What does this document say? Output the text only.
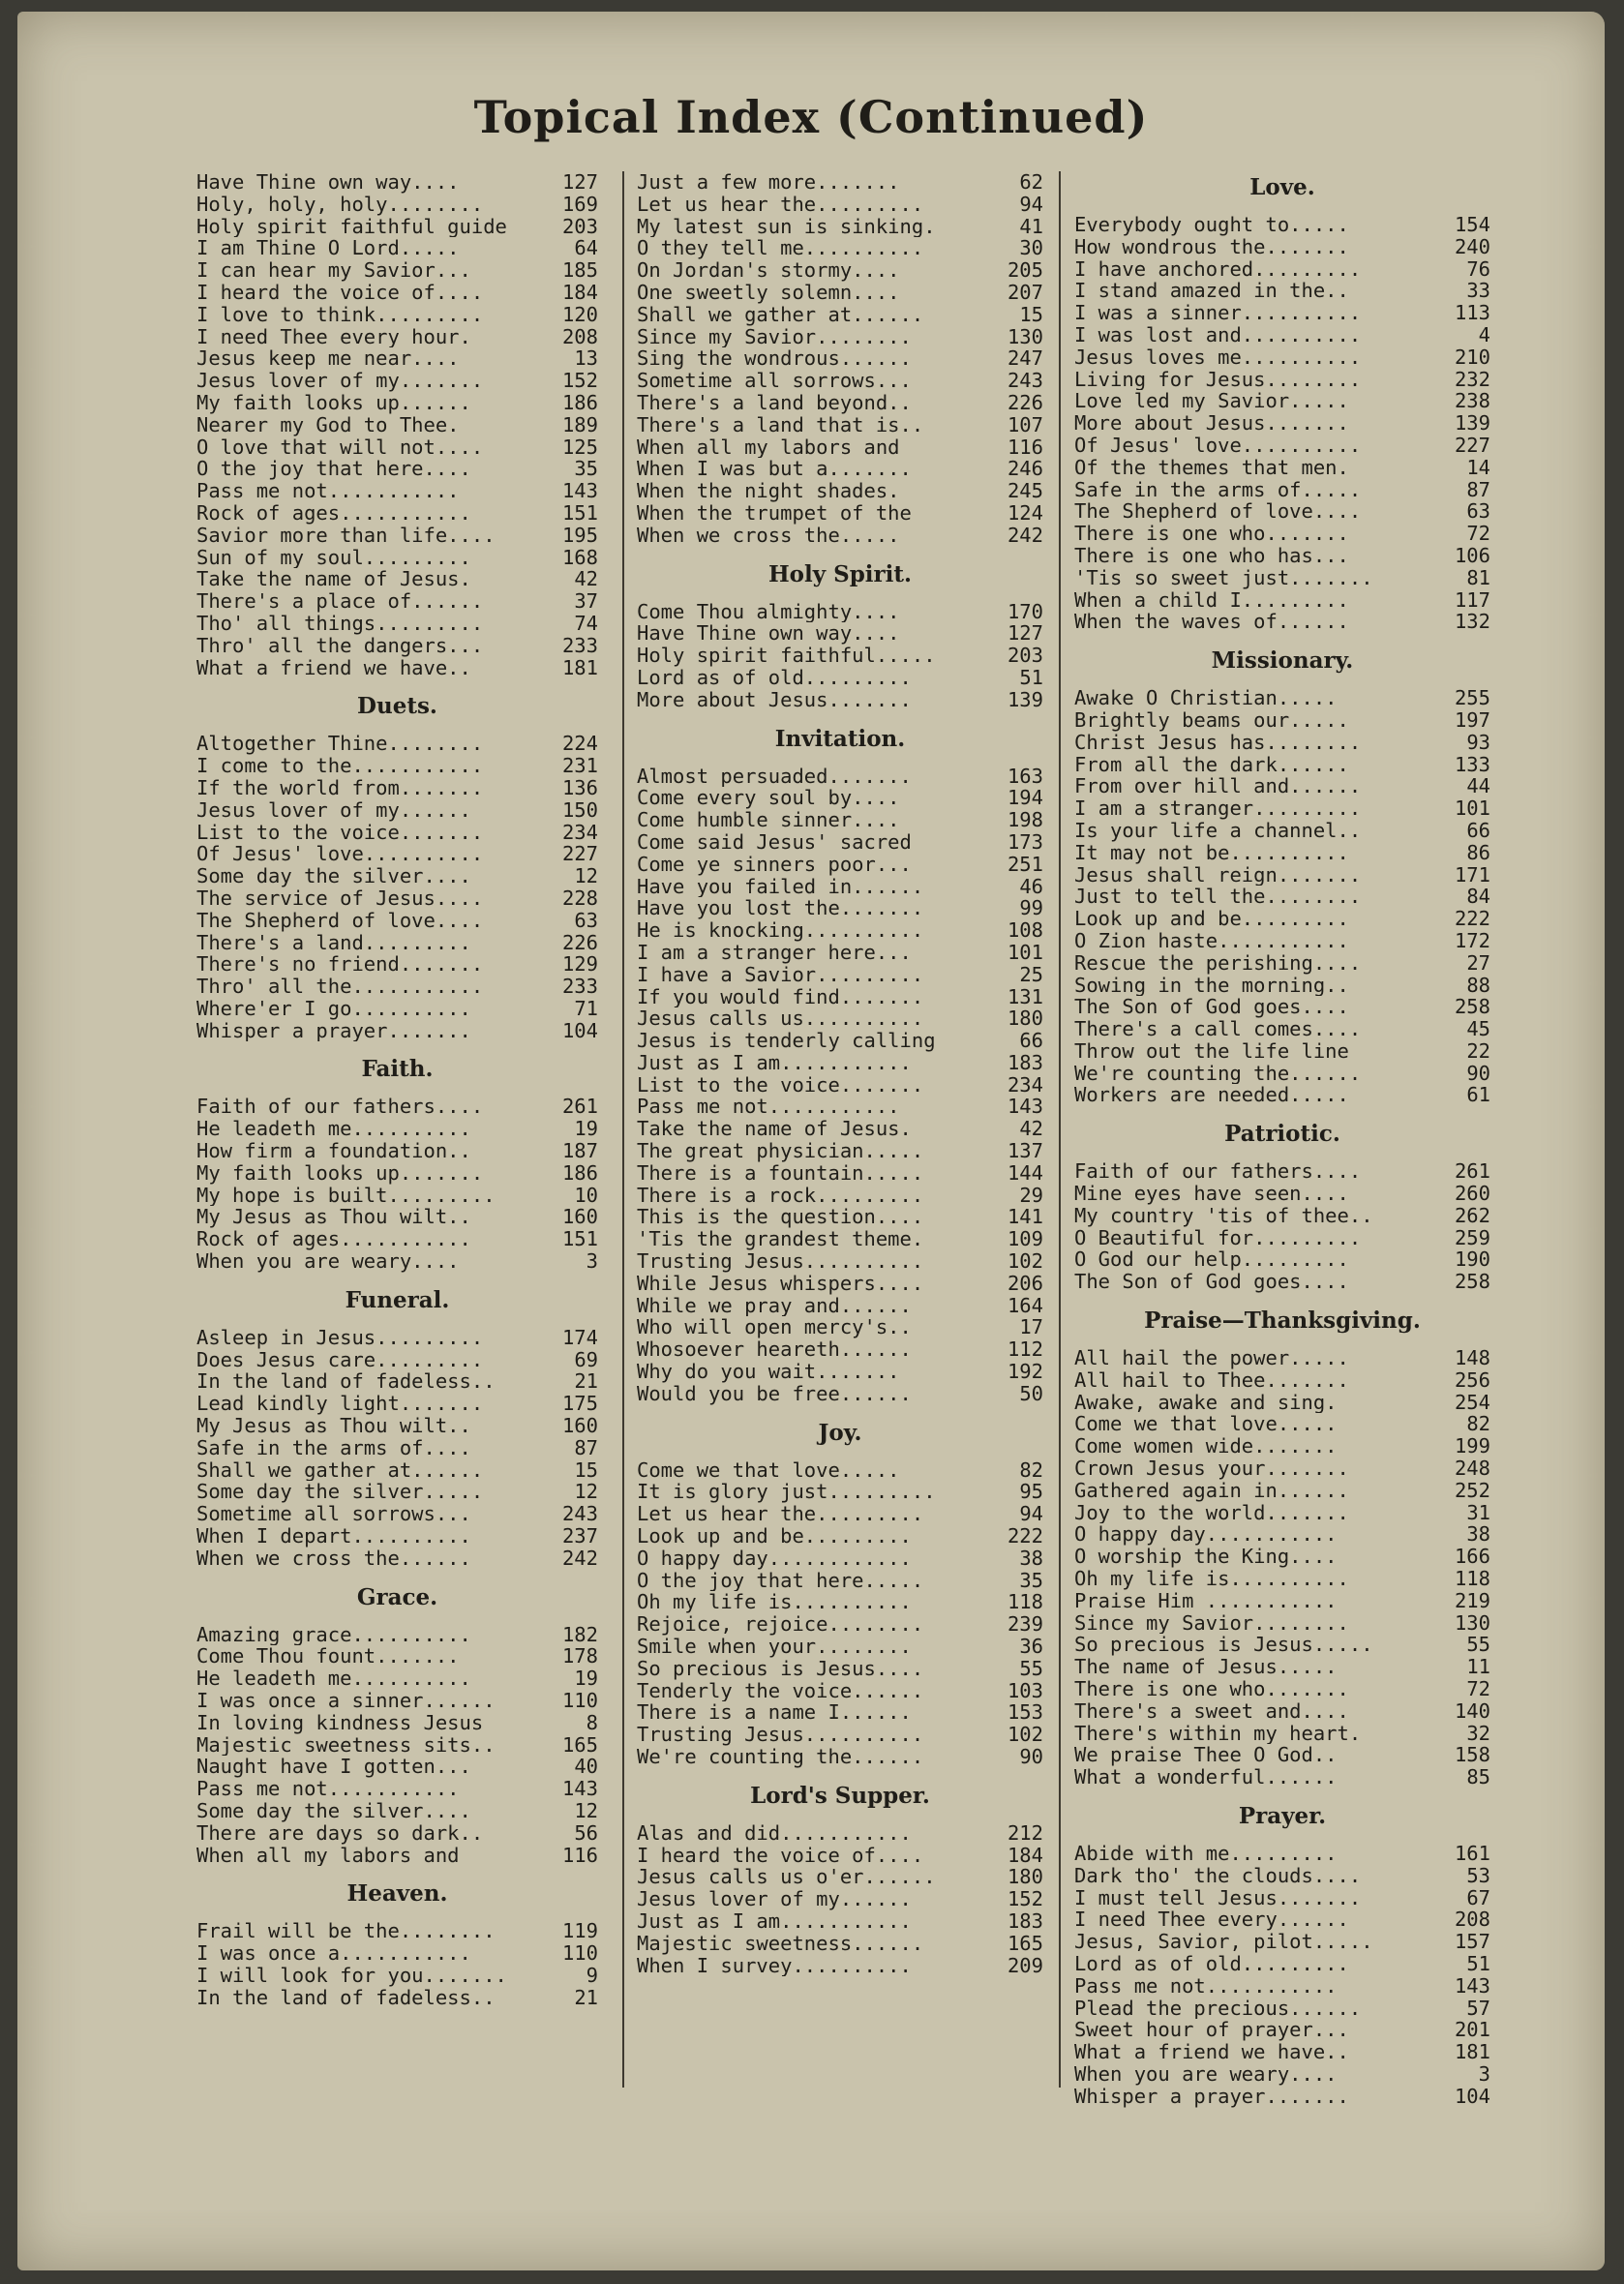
Topical Index (Continued)
Have Thine own way....	127
Holy, holy, holy........	169
Holy spirit faithful guide	203
I am Thine O Lord.....	64
I can hear my Savior...	185
I heard the voice of....	184
I love to think.........	120
I need Thee every hour.	208
Jesus keep me near....	13
Jesus lover of my.......	152
My faith looks up......	186
Nearer my God to Thee.	189
O love that will not....	125
O the joy that here....	35
Pass me not...........	143
Rock of ages...........	151
Savior more than life....	195
Sun of my soul.........	168
Take the name of Jesus.	42
There's a place of......	37
Tho' all things.........	74
Thro' all the dangers...	233
What a friend we have..	181
Duets.
Altogether Thine........	224
I come to the...........	231
If the world from.......	136
Jesus lover of my......	150
List to the voice.......	234
Of Jesus' love..........	227
Some day the silver....	12
The service of Jesus....	228
The Shepherd of love....	63
There's a land.........	226
There's no friend.......	129
Thro' all the...........	233
Where'er I go..........	71
Whisper a prayer.......	104
Faith.
Faith of our fathers....	261
He leadeth me..........	19
How firm a foundation..	187
My faith looks up.......	186
My hope is built.........	10
My Jesus as Thou wilt..	160
Rock of ages...........	151
When you are weary....	3
Funeral.
Asleep in Jesus.........	174
Does Jesus care.........	69
In the land of fadeless..	21
Lead kindly light.......	175
My Jesus as Thou wilt..	160
Safe in the arms of....	87
Shall we gather at......	15
Some day the silver.....	12
Sometime all sorrows...	243
When I depart..........	237
When we cross the......	242
Grace.
Amazing grace..........	182
Come Thou fount.......	178
He leadeth me..........	19
I was once a sinner......	110
In loving kindness Jesus	8
Majestic sweetness sits..	165
Naught have I gotten...	40
Pass me not...........	143
Some day the silver....	12
There are days so dark..	56
When all my labors and	116
Heaven.
Frail will be the........	119
I was once a...........	110
I will look for you.......	9
In the land of fadeless..	21
Just a few more.......	62
Let us hear the.........	94
My latest sun is sinking.	41
O they tell me..........	30
On Jordan's stormy....	205
One sweetly solemn....	207
Shall we gather at......	15
Since my Savior........	130
Sing the wondrous......	247
Sometime all sorrows...	243
There's a land beyond..	226
There's a land that is..	107
When all my labors and	116
When I was but a.......	246
When the night shades.	245
When the trumpet of the	124
When we cross the.....	242
Holy Spirit.
Come Thou almighty....	170
Have Thine own way....	127
Holy spirit faithful.....	203
Lord as of old.........	51
More about Jesus.......	139
Invitation.
Almost persuaded.......	163
Come every soul by....	194
Come humble sinner....	198
Come said Jesus' sacred	173
Come ye sinners poor...	251
Have you failed in......	46
Have you lost the.......	99
He is knocking..........	108
I am a stranger here...	101
I have a Savior.........	25
If you would find.......	131
Jesus calls us..........	180
Jesus is tenderly calling	66
Just as I am...........	183
List to the voice.......	234
Pass me not...........	143
Take the name of Jesus.	42
The great physician.....	137
There is a fountain.....	144
There is a rock.........	29
This is the question....	141
'Tis the grandest theme.	109
Trusting Jesus..........	102
While Jesus whispers....	206
While we pray and......	164
Who will open mercy's..	17
Whosoever heareth......	112
Why do you wait.......	192
Would you be free......	50
Joy.
Come we that love.....	82
It is glory just.........	95
Let us hear the.........	94
Look up and be.........	222
O happy day............	38
O the joy that here.....	35
Oh my life is..........	118
Rejoice, rejoice........	239
Smile when your........	36
So precious is Jesus....	55
Tenderly the voice......	103
There is a name I......	153
Trusting Jesus..........	102
We're counting the......	90
Lord's Supper.
Alas and did...........	212
I heard the voice of....	184
Jesus calls us o'er......	180
Jesus lover of my......	152
Just as I am...........	183
Majestic sweetness......	165
When I survey..........	209
Love.
Everybody ought to.....	154
How wondrous the.......	240
I have anchored.........	76
I stand amazed in the..	33
I was a sinner..........	113
I was lost and..........	4
Jesus loves me..........	210
Living for Jesus........	232
Love led my Savior.....	238
More about Jesus.......	139
Of Jesus' love..........	227
Of the themes that men.	14
Safe in the arms of.....	87
The Shepherd of love....	63
There is one who.......	72
There is one who has...	106
'Tis so sweet just.......	81
When a child I.........	117
When the waves of......	132
Missionary.
Awake O Christian.....	255
Brightly beams our.....	197
Christ Jesus has........	93
From all the dark......	133
From over hill and......	44
I am a stranger.........	101
Is your life a channel..	66
It may not be..........	86
Jesus shall reign.......	171
Just to tell the........	84
Look up and be.........	222
O Zion haste...........	172
Rescue the perishing....	27
Sowing in the morning..	88
The Son of God goes....	258
There's a call comes....	45
Throw out the life line	22
We're counting the......	90
Workers are needed.....	61
Patriotic.
Faith of our fathers....	261
Mine eyes have seen....	260
My country 'tis of thee..	262
O Beautiful for.........	259
O God our help.........	190
The Son of God goes....	258
Praise—Thanksgiving.
All hail the power.....	148
All hail to Thee.......	256
Awake, awake and sing.	254
Come we that love.....	82
Come women wide.......	199
Crown Jesus your.......	248
Gathered again in......	252
Joy to the world.......	31
O happy day...........	38
O worship the King....	166
Oh my life is..........	118
Praise Him ...........	219
Since my Savior........	130
So precious is Jesus.....	55
The name of Jesus.....	11
There is one who.......	72
There's a sweet and....	140
There's within my heart.	32
We praise Thee O God..	158
What a wonderful......	85
Prayer.
Abide with me.........	161
Dark tho' the clouds....	53
I must tell Jesus.......	67
I need Thee every......	208
Jesus, Savior, pilot.....	157
Lord as of old.........	51
Pass me not...........	143
Plead the precious......	57
Sweet hour of prayer...	201
What a friend we have..	181
When you are weary....	3
Whisper a prayer.......	104
